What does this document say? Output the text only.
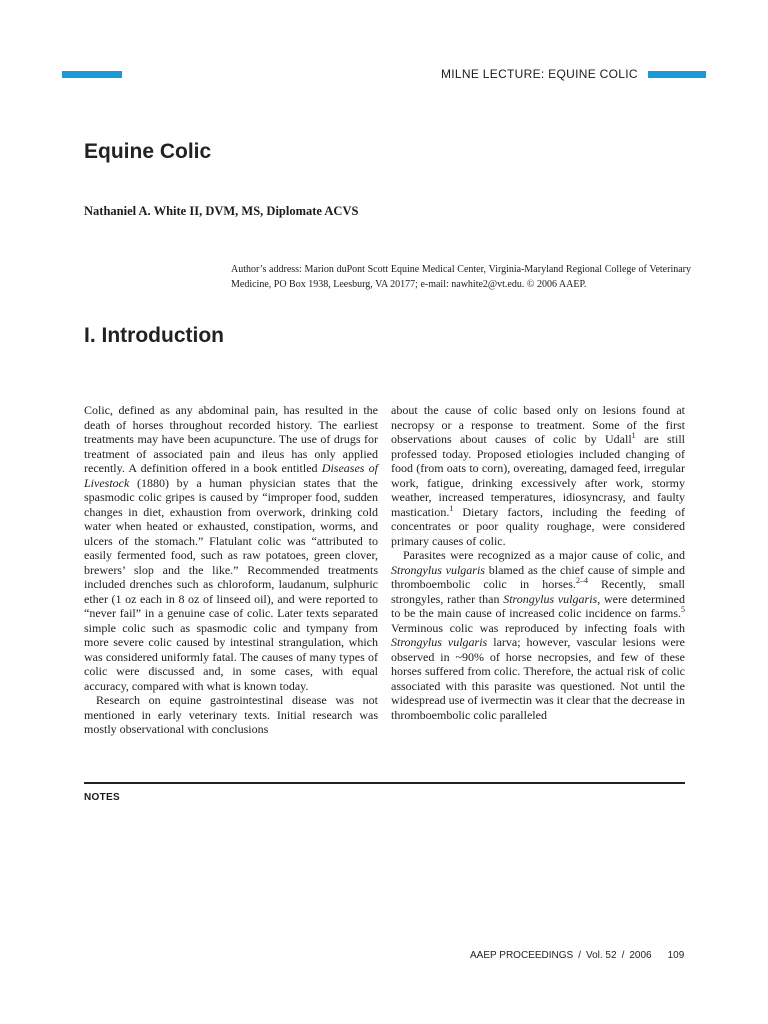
MILNE LECTURE: EQUINE COLIC
Equine Colic
Nathaniel A. White II, DVM, MS, Diplomate ACVS
Author’s address: Marion duPont Scott Equine Medical Center, Virginia-Maryland Regional College of Veterinary Medicine, PO Box 1938, Leesburg, VA 20177; e-mail: nawhite2@vt.edu. © 2006 AAEP.
I. Introduction

Colic, defined as any abdominal pain, has resulted in the death of horses throughout recorded history. The earliest treatments may have been acupuncture. The use of drugs for treatment of associated pain and ileus has only applied recently. A definition offered in a book entitled Diseases of Livestock (1880) by a human physician states that the spasmodic colic gripes is caused by “improper food, sudden changes in diet, exhaustion from overwork, drinking cold water when heated or exhausted, constipation, worms, and ulcers of the stomach.” Flatulant colic was “attributed to easily fermented food, such as raw potatoes, green clover, brewers’ slop and the like.” Recommended treatments included drenches such as chloroform, laudanum, sulphuric ether (1 oz each in 8 oz of linseed oil), and were reported to “never fail” in a genuine case of colic. Later texts separated simple colic such as spasmodic colic and tympany from more severe colic caused by intestinal strangulation, which was considered uniformly fatal. The causes of many types of colic were discussed and, in some cases, with equal accuracy, compared with what is known today.

Research on equine gastrointestinal disease was not mentioned in early veterinary texts. Initial research was mostly observational with conclusions

about the cause of colic based only on lesions found at necropsy or a response to treatment. Some of the first observations about causes of colic by Udall$^1$ are still professed today. Proposed etiologies included changing of food (from oats to corn), overeating, damaged feed, irregular work, fatigue, drinking excessively after work, stormy weather, increased temperatures, idiosyncrasy, and faulty mastication.$^1$ Dietary factors, including the feeding of concentrates or poor quality roughage, were considered primary causes of colic.

Parasites were recognized as a major cause of colic, and Strongylus vulgaris blamed as the chief cause of simple and thromboembolic colic in horses.$^{2-4}$ Recently, small strongyles, rather than Strongylus vulgaris, were determined to be the main cause of increased colic incidence on farms.$^5$ Verminous colic was reproduced by infecting foals with Strongylus vulgaris larva; however, vascular lesions were observed in ~90% of horse necropsies, and few of these horses suffered from colic. Therefore, the actual risk of colic associated with this parasite was questioned. Not until the widespread use of ivermectin was it clear that the decrease in thromboembolic colic paralleled

NOTES
AAEP PROCEEDINGS / Vol. 52 / 2006 109
